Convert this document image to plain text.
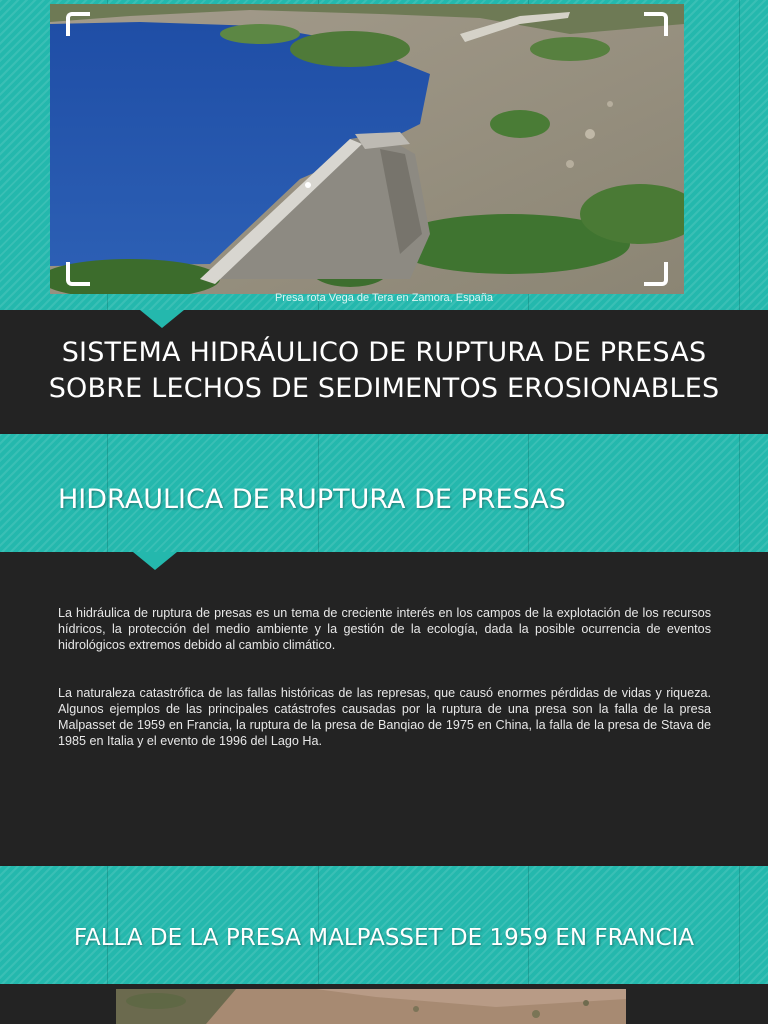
Presa rota Vega de Tera en Zamora, España
SISTEMA HIDRÁULICO DE RUPTURA DE PRESAS
SOBRE LECHOS DE SEDIMENTOS EROSIONABLES
HIDRAULICA DE RUPTURA DE PRESAS

La hidráulica de ruptura de presas es un tema de creciente interés en los campos de la explotación de los recursos hídricos, la protección del medio ambiente y la gestión de la ecología, dada la posible ocurrencia de eventos hidrológicos extremos debido al cambio climático.

La naturaleza catastrófica de las fallas históricas de las represas, que causó enormes pérdidas de vidas y riqueza. Algunos ejemplos de las principales catástrofes causadas por la ruptura de una presa son la falla de la presa Malpasset de 1959 en Francia, la ruptura de la presa de Banqiao de 1975 en China, la falla de la presa de Stava de 1985 en Italia y el evento de 1996 del Lago Ha.

FALLA DE LA PRESA MALPASSET DE 1959 EN FRANCIA
